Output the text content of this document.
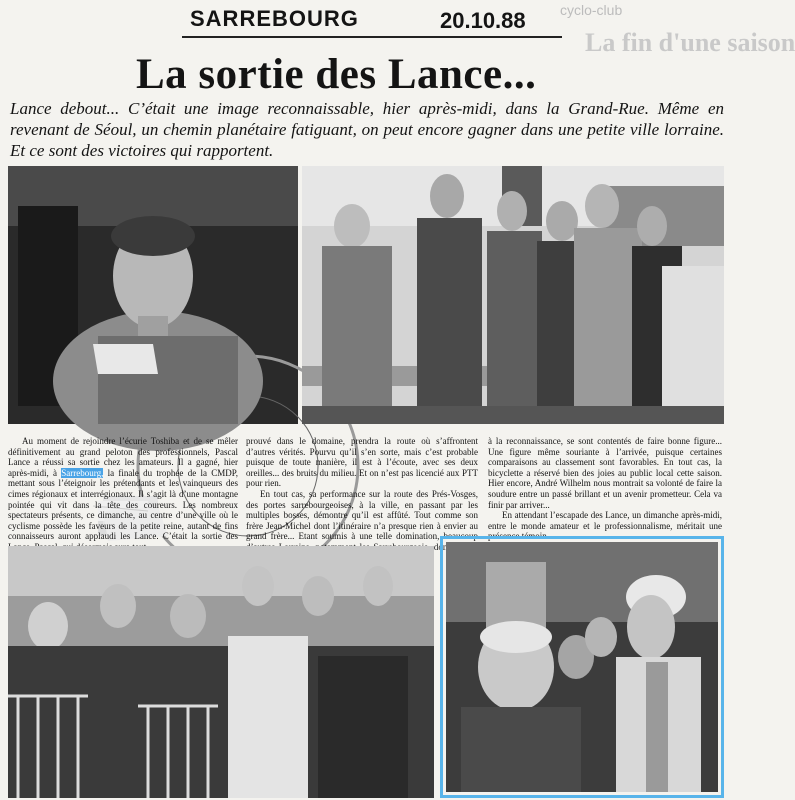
SARREBOURG	20.10.88 cyclo-club
La fin d'une saison
La sortie des Lance...
Lance debout... C’était une image reconnaissable, hier après-midi, dans la Grand-Rue. Même en revenant de Séoul, un chemin planétaire fatiguant, on peut encore gagner dans une petite ville lorraine. Et ce sont des victoires qui rapportent.

Au moment de rejoindre l’écurie Toshiba et de se mêler définitivement au grand peloton des professionnels, Pascal Lance a réussi sa sortie chez les amateurs. Il a gagné, hier après-midi, à Sarrebourg, la finale du trophée de la CMDP, mettant sous l’éteignoir les prétendants et les vainqueurs des cimes régionaux et interrégionaux. Il s’agit là d’une montagne pointée qui vit dans la tête des coureurs. Les nombreux spectateurs présents, ce dimanche, au centre d’une ville où le cyclisme possède les faveurs de la petite reine, autant de fins connaisseurs auront applaudi les Lance. C’était la sortie des

prouvé dans le domaine, prendra la route où s’affrontent d’autres vérités. Pourvu qu’il s’en sorte, mais c’est probable puisque de toute manière, il est à l’écoute, avec ses deux oreilles... des bruits du milieu. Et on n’est pas licencié aux PTT pour rien.

En tout cas, sa performance sur la route des Prés-Vosges, des portes sarrebourgeoises, à la ville, en passant par les multiples bosses, démontre qu’il est affûté. Tout comme son frère Jean-Michel dont l’itinéraire n’a presque rien à envier au grand frère... Etant soumis à une telle domination, beaucoup dont

à la reconnaissance, se sont contentés de faire bonne figure... Une figure même souriante à l’arrivée, puisque certaines comparaisons au classement sont favorables. En tout cas, la bicyclette a réservé bien des joies au public local cette saison. Hier encore, André Wilhelm nous montrait sa volonté de faire la soudure entre un passé brillant et un avenir prometteur. Cela va finir par arriver...

En attendant l’escapade des Lance, un dimanche après-midi, entre le monde amateur et le professionnalisme, méritait une présence témoin...
